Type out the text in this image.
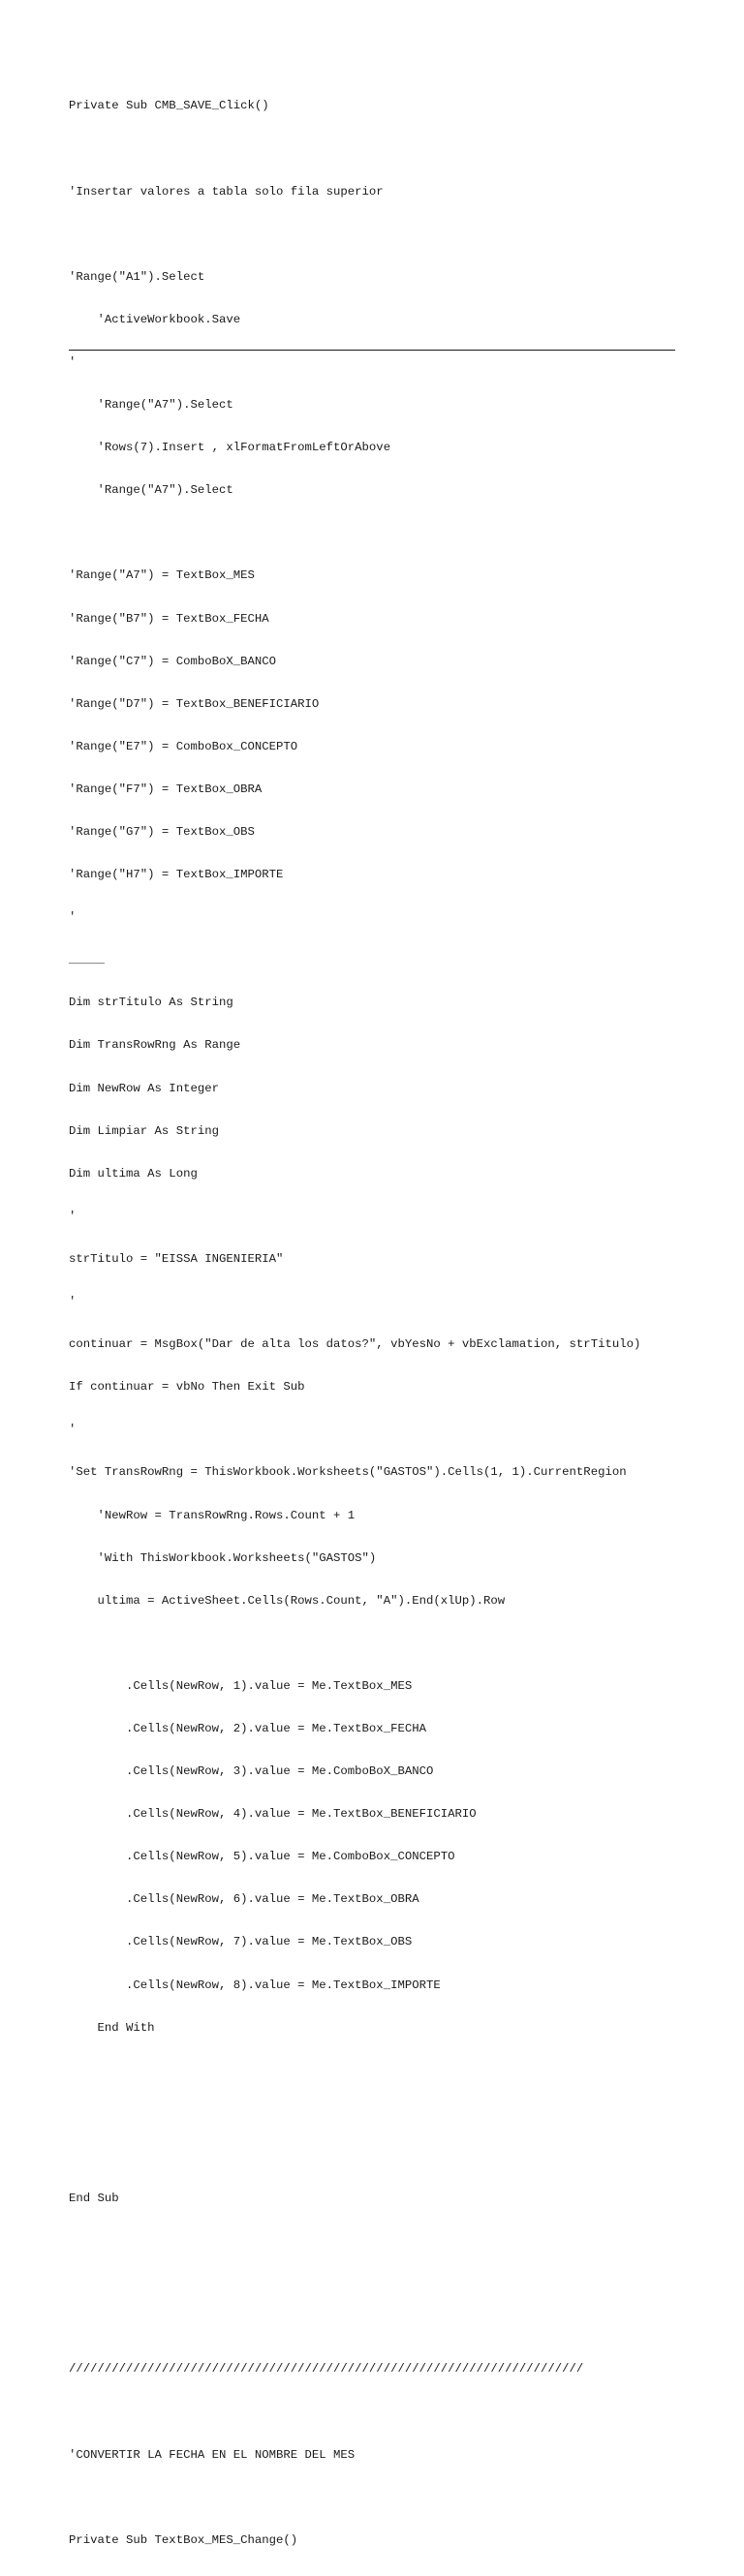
Private Sub CMB_SAVE_Click()

'Insertar valores a tabla solo fila superior

'Range("A1").Select

'ActiveWorkbook.Save

'

'Range("A7").Select

'Rows(7).Insert , xlFormatFromLeftOrAbove

'Range("A7").Select

'Range("A7") = TextBox_MES

'Range("B7") = TextBox_FECHA

'Range("C7") = ComboBoX_BANCO

'Range("D7") = TextBox_BENEFICIARIO

'Range("E7") = ComboBox_CONCEPTO

'Range("F7") = TextBox_OBRA

'Range("G7") = TextBox_OBS

'Range("H7") = TextBox_IMPORTE

'

_____

Dim strTitulo As String

Dim TransRowRng As Range

Dim NewRow As Integer

Dim Limpiar As String

Dim ultima As Long

'

strTitulo = "EISSA INGENIERIA"

'

continuar = MsgBox("Dar de alta los datos?", vbYesNo + vbExclamation, strTitulo)

If continuar = vbNo Then Exit Sub

'

'Set TransRowRng = ThisWorkbook.Worksheets("GASTOS").Cells(1, 1).CurrentRegion

'NewRow = TransRowRng.Rows.Count + 1

'With ThisWorkbook.Worksheets("GASTOS")

ultima = ActiveSheet.Cells(Rows.Count, "A").End(xlUp).Row

.Cells(NewRow, 1).value = Me.TextBox_MES

.Cells(NewRow, 2).value = Me.TextBox_FECHA

.Cells(NewRow, 3).value = Me.ComboBoX_BANCO

.Cells(NewRow, 4).value = Me.TextBox_BENEFICIARIO

.Cells(NewRow, 5).value = Me.ComboBox_CONCEPTO

.Cells(NewRow, 6).value = Me.TextBox_OBRA

.Cells(NewRow, 7).value = Me.TextBox_OBS

.Cells(NewRow, 8).value = Me.TextBox_IMPORTE

End With

End Sub

////////////////////////////////////////////////////////////////////////

'CONVERTIR LA FECHA EN EL NOMBRE DEL MES

Private Sub TextBox_MES_Change()
